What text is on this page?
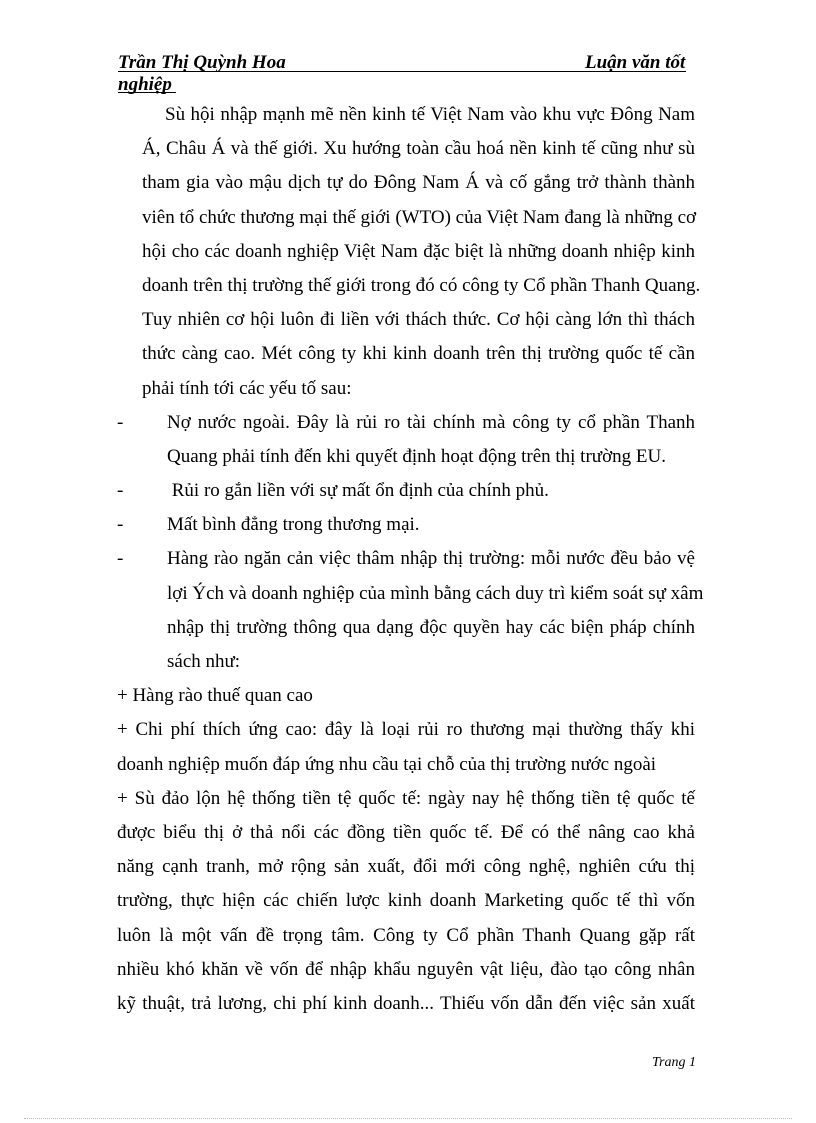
Trần Thị Quỳnh Hoa	Luận văn tốt
nghiệp
Sù hội nhập mạnh mẽ nền kinh tế Việt Nam vào khu vực Đông Nam
Á, Châu Á và thế giới. Xu hướng toàn cầu hoá nền kinh tế cũng như sù
tham gia vào mậu dịch tự do Đông Nam Á và cố gắng trở thành thành
viên tổ chức thương mại thế giới (WTO) của Việt Nam đang là những cơ
hội cho các doanh nghiệp Việt Nam đặc biệt là những doanh nhiệp kinh
doanh trên thị trường thế giới trong đó có công ty Cổ phần Thanh Quang.
Tuy nhiên cơ hội luôn đi liền với thách thức. Cơ hội càng lớn thì thách
thức càng cao. Mét công ty khi kinh doanh trên thị trường quốc tế cần
phải tính tới các yếu tố sau:
- Nợ nước ngoài. Đây là rủi ro tài chính mà công ty cổ phần Thanh
Quang phải tính đến khi quyết định hoạt động trên thị trường EU.
- Rủi ro gắn liền với sự mất ổn định của chính phủ.
- Mất bình đẳng trong thương mại.
- Hàng rào ngăn cản việc thâm nhập thị trường: mỗi nước đều bảo vệ
lợi Ých và doanh nghiệp của mình bằng cách duy trì kiểm soát sự xâm
nhập thị trường thông qua dạng độc quyền hay các biện pháp chính
sách như:
+ Hàng rào thuế quan cao
+ Chi phí thích ứng cao: đây là loại rủi ro thương mại thường thấy khi
doanh nghiệp muốn đáp ứng nhu cầu tại chỗ của thị trường nước ngoài
+ Sù đảo lộn hệ thống tiền tệ quốc tế: ngày nay hệ thống tiền tệ quốc tế
được biểu thị ở thả nổi các đồng tiền quốc tế. Để có thể nâng cao khả
năng cạnh tranh, mở rộng sản xuất, đổi mới công nghệ, nghiên cứu thị
trường, thực hiện các chiến lược kinh doanh Marketing quốc tế thì vốn
luôn là một vấn đề trọng tâm. Công ty Cổ phần Thanh Quang gặp rất
nhiều khó khăn về vốn để nhập khẩu nguyên vật liệu, đào tạo công nhân
kỹ thuật, trả lương, chi phí kinh doanh... Thiếu vốn dẫn đến việc sản xuất
Trang 1
